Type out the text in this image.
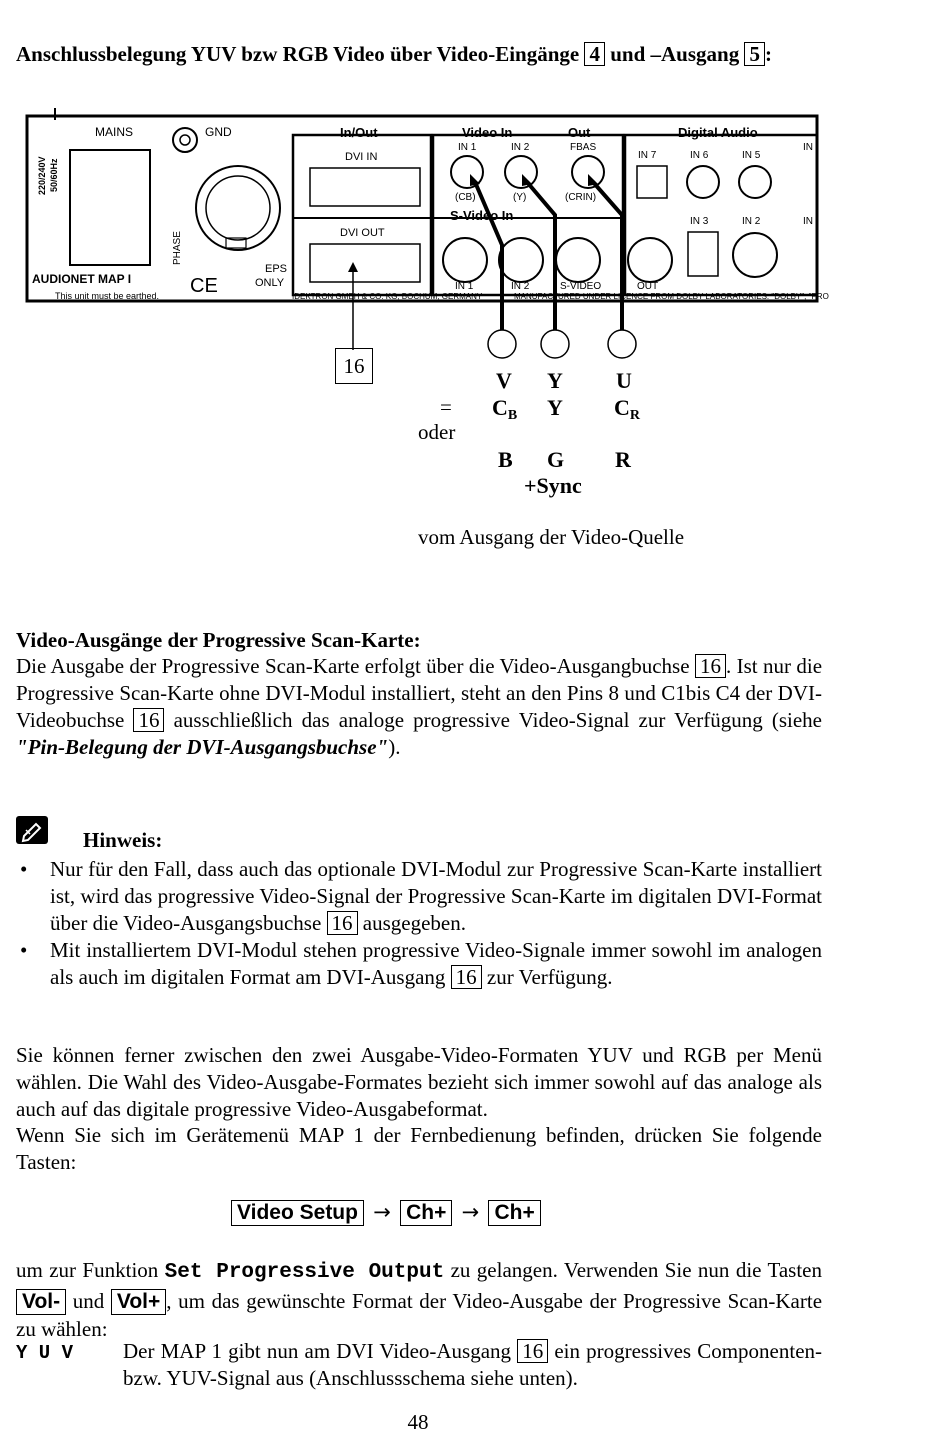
Anschlussbelegung YUV bzw RGB Video über Video-Eingänge 4 und –Ausgang 5 :
MAINS
220/240V 50/60Hz
AUDIONET MAP I
This unit must be earthed. CE
GND
PHASE
EPS
ONLY
In/Out
DVI IN
DVI OUT
Video In
IN 1	IN 2
(CB)	(Y)
Out
FBAS
(CRIN)
S-Video In
IN 1	IN 2	S-VIDEO	OUT
Digital Audio
IN 7	IN 6	IN 5
IN
IN 3	IN 2	IN
IDEKTRON GMBH & CO. KG, BOCHUM, GERMANY	MANUFACTURED UNDER LICENCE FROM DOLBY LABORATORIES. "DOLBY", "PRO
16
V Y U
= $C_B$ Y $C_R$
oder
B G R
+Sync
vom Ausgang der Video-Quelle
Video-Ausgänge der Progressive Scan-Karte:
Die Ausgabe der Progressive Scan-Karte erfolgt über die Video-Ausgangbuchse 16 . Ist nur die Progressive Scan-Karte ohne DVI-Modul installiert, steht an den Pins 8 und C1bis C4 der DVI-Videobuchse 16 ausschließlich das analoge progressive Video-Signal zur Verfügung (siehe "Pin-Belegung der DVI-Ausgangsbuchse").
Hinweis:
• Nur für den Fall, dass auch das optionale DVI-Modul zur Progressive Scan-Karte installiert ist, wird das progressive Video-Signal der Progressive Scan-Karte im digitalen DVI-Format über die Video-Ausgangsbuchse 16 ausgegeben.
• Mit installiertem DVI-Modul stehen progressive Video-Signale immer sowohl im analogen als auch im digitalen Format am DVI-Ausgang 16 zur Verfügung.
Sie können ferner zwischen den zwei Ausgabe-Video-Formaten YUV und RGB per Menü wählen. Die Wahl des Video-Ausgabe-Formates bezieht sich immer sowohl auf das analoge als auch auf das digitale progressive Video-Ausgabeformat.
Wenn Sie sich im Gerätemenü MAP 1 der Fernbedienung befinden, drücken Sie folgende Tasten:
Video Setup → Ch+ → Ch+
um zur Funktion Set Progressive Output zu gelangen. Verwenden Sie nun die Tasten Vol- und Vol+ , um das gewünschte Format der Video-Ausgabe der Progressive Scan-Karte zu wählen:
Y U V Der MAP 1 gibt nun am DVI Video-Ausgang 16 ein progressives Componenten- bzw. YUV-Signal aus (Anschlussschema siehe unten).
48
